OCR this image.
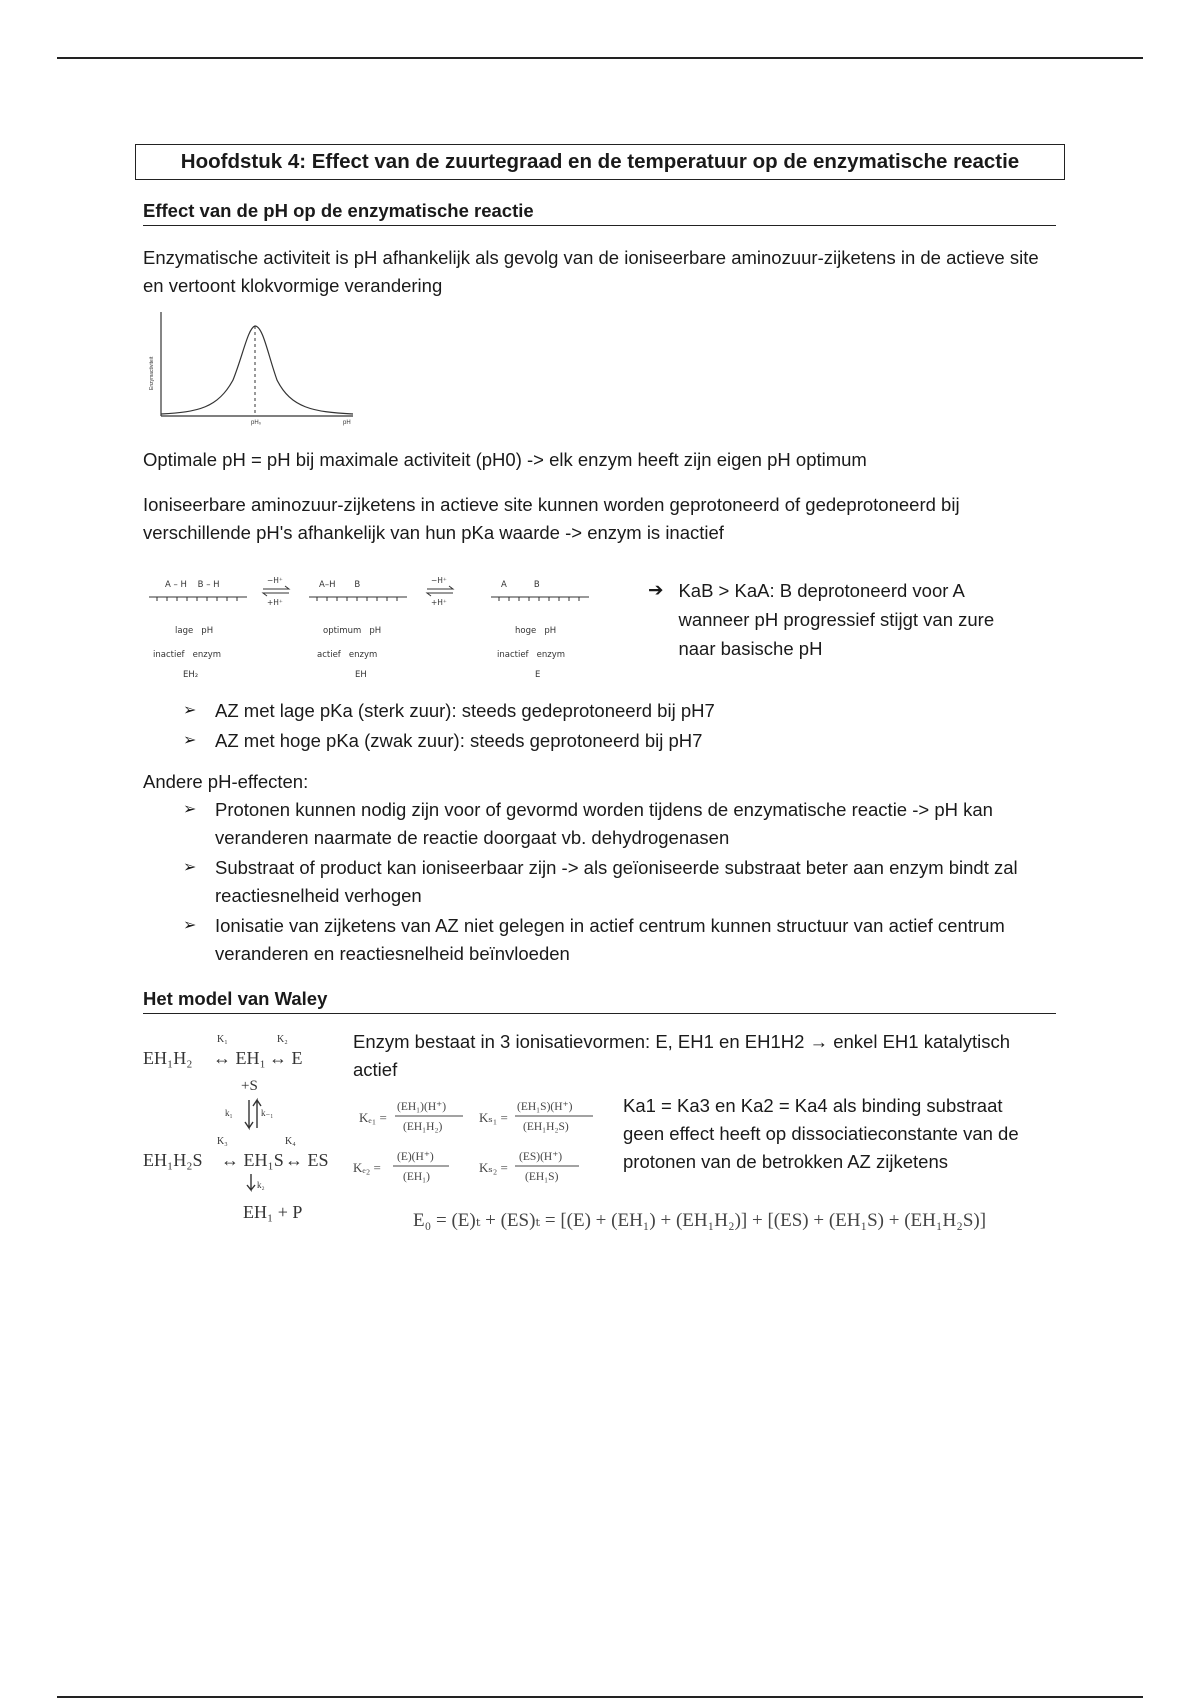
Hoofdstuk 4: Effect van de zuurtegraad en de temperatuur op de enzymatische reactie
Effect van de pH op de enzymatische reactie

Enzymatische activiteit is pH afhankelijk als gevolg van de ioniseerbare aminozuur-zijketens in de actieve site en vertoont klokvormige verandering

Enzymactiviteit
pH₀	pH

Optimale pH = pH bij maximale activiteit (pH0) -> elk enzym heeft zijn eigen pH optimum

Ioniseerbare aminozuur-zijketens in actieve site kunnen worden geprotoneerd of gedeprotoneerd bij verschillende pH's afhankelijk van hun pKa waarde -> enzym is inactief

A – H    B – H
lage   pH
inactief   enzym
EH₂
−H⁺
+H⁺
A–H       B
optimum   pH
actief   enzym
EH
−H⁺
+H⁺
A          B
hoge   pH
inactief   enzym
E
➔ KaB > KaA: B deprotoneerd voor A wanneer pH progressief stijgt van zure naar basische pH
➢ AZ met lage pKa (sterk zuur): steeds gedeprotoneerd bij pH7
➢ AZ met hoge pKa (zwak zuur): steeds geprotoneerd bij pH7

Andere pH-effecten:

➢ Protonen kunnen nodig zijn voor of gevormd worden tijdens de enzymatische reactie -> pH kan veranderen naarmate de reactie doorgaat vb. dehydrogenasen
➢ Substraat of product kan ioniseerbaar zijn -> als geïoniseerde substraat beter aan enzym bindt zal reactiesnelheid verhogen
➢ Ionisatie van zijketens van AZ niet gelegen in actief centrum kunnen structuur van actief centrum veranderen en reactiesnelheid beïnvloeden
Het model van Waley
K₁	K₂
EH₁H₂ ↔ EH₁ ↔ E
+S
k₁	k₋₁
K₃	K₄
EH₁H₂S ↔ EH₁S ↔ ES
k₂
EH₁ + P

Enzym bestaat in 3 ionisatievormen: E, EH1 en EH1H2 → enkel EH1 katalytisch actief

Kₑ₁ =
(EH₁)(H⁺)
(EH₁H₂)
Kₛ₁ =
(EH₁S)(H⁺)
(EH₁H₂S)
Kₑ₂ =
(E)(H⁺)
(EH₁)
Kₛ₂ =
(ES)(H⁺)
(EH₁S)

Ka1 = Ka3 en Ka2 = Ka4 als binding substraat geen effect heeft op dissociatieconstante van de protonen van de betrokken AZ zijketens

E₀ = (E)ₜ + (ES)ₜ = [(E) + (EH₁) + (EH₁H₂)] + [(ES) + (EH₁S) + (EH₁H₂S)]
